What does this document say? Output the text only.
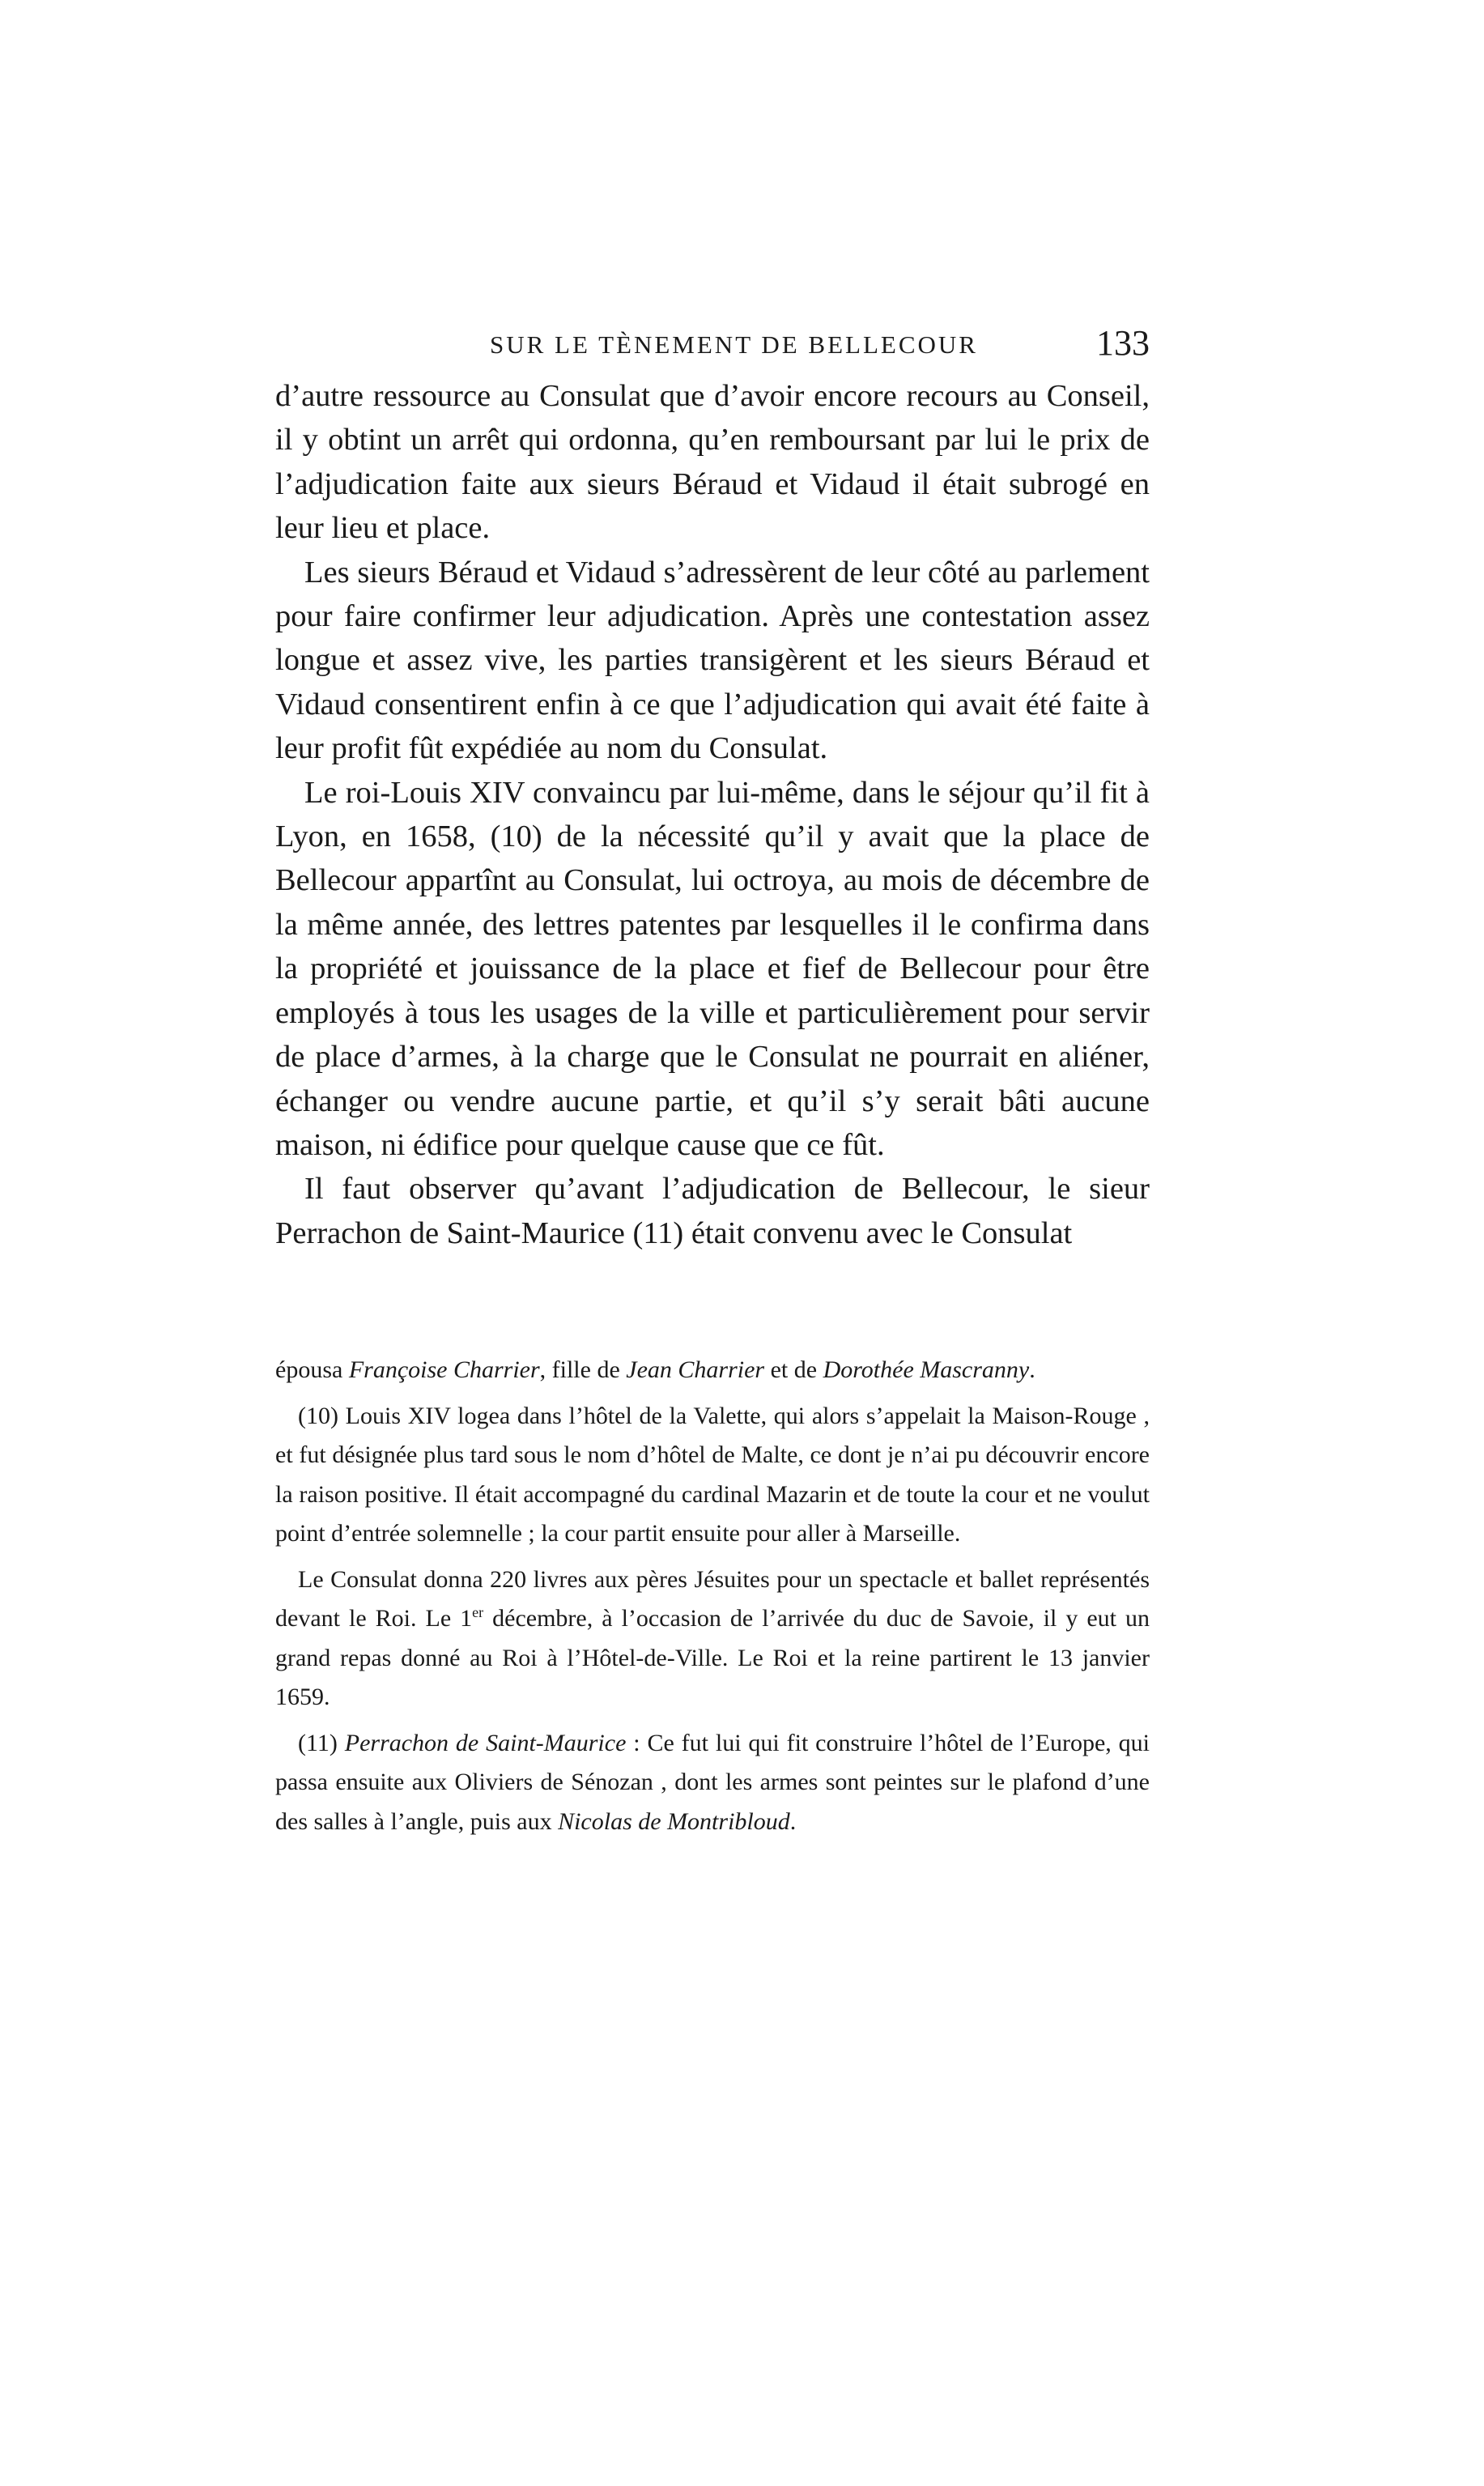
SUR LE TÈNEMENT DE BELLECOUR	133

d’autre ressource au Consulat que d’avoir encore recours au Conseil, il y obtint un arrêt qui ordonna, qu’en remboursant par lui le prix de l’adjudication faite aux sieurs Béraud et Vidaud il était subrogé en leur lieu et place.

Les sieurs Béraud et Vidaud s’adressèrent de leur côté au parlement pour faire confirmer leur adjudication. Après une contestation assez longue et assez vive, les parties transigèrent et les sieurs Béraud et Vidaud consentirent enfin à ce que l’adjudication qui avait été faite à leur profit fût expédiée au nom du Consulat.

Le roi-Louis XIV convaincu par lui-même, dans le séjour qu’il fit à Lyon, en 1658, (10) de la nécessité qu’il y avait que la place de Bellecour appartînt au Consulat, lui octroya, au mois de décembre de la même année, des lettres patentes par lesquelles il le confirma dans la propriété et jouissance de la place et fief de Bellecour pour être employés à tous les usages de la ville et particulièrement pour servir de place d’armes, à la charge que le Consulat ne pourrait en aliéner, échanger ou vendre aucune partie, et qu’il s’y serait bâti aucune maison, ni édifice pour quelque cause que ce fût.

Il faut observer qu’avant l’adjudication de Bellecour, le sieur Perrachon de Saint-Maurice (11) était convenu avec le Consulat

épousa Françoise Charrier, fille de Jean Charrier et de Dorothée Mascranny.

(10) Louis XIV logea dans l’hôtel de la Valette, qui alors s’appelait la Maison-Rouge , et fut désignée plus tard sous le nom d’hôtel de Malte, ce dont je n’ai pu découvrir encore la raison positive. Il était accompagné du cardinal Mazarin et de toute la cour et ne voulut point d’entrée solemnelle ; la cour partit ensuite pour aller à Marseille.

Le Consulat donna 220 livres aux pères Jésuites pour un spectacle et ballet représentés devant le Roi. Le 1er décembre, à l’occasion de l’arrivée du duc de Savoie, il y eut un grand repas donné au Roi à l’Hôtel-de-Ville. Le Roi et la reine partirent le 13 janvier 1659.

(11) Perrachon de Saint-Maurice : Ce fut lui qui fit construire l’hôtel de l’Europe, qui passa ensuite aux Oliviers de Sénozan , dont les armes sont peintes sur le plafond d’une des salles à l’angle, puis aux Nicolas de Montribloud.
